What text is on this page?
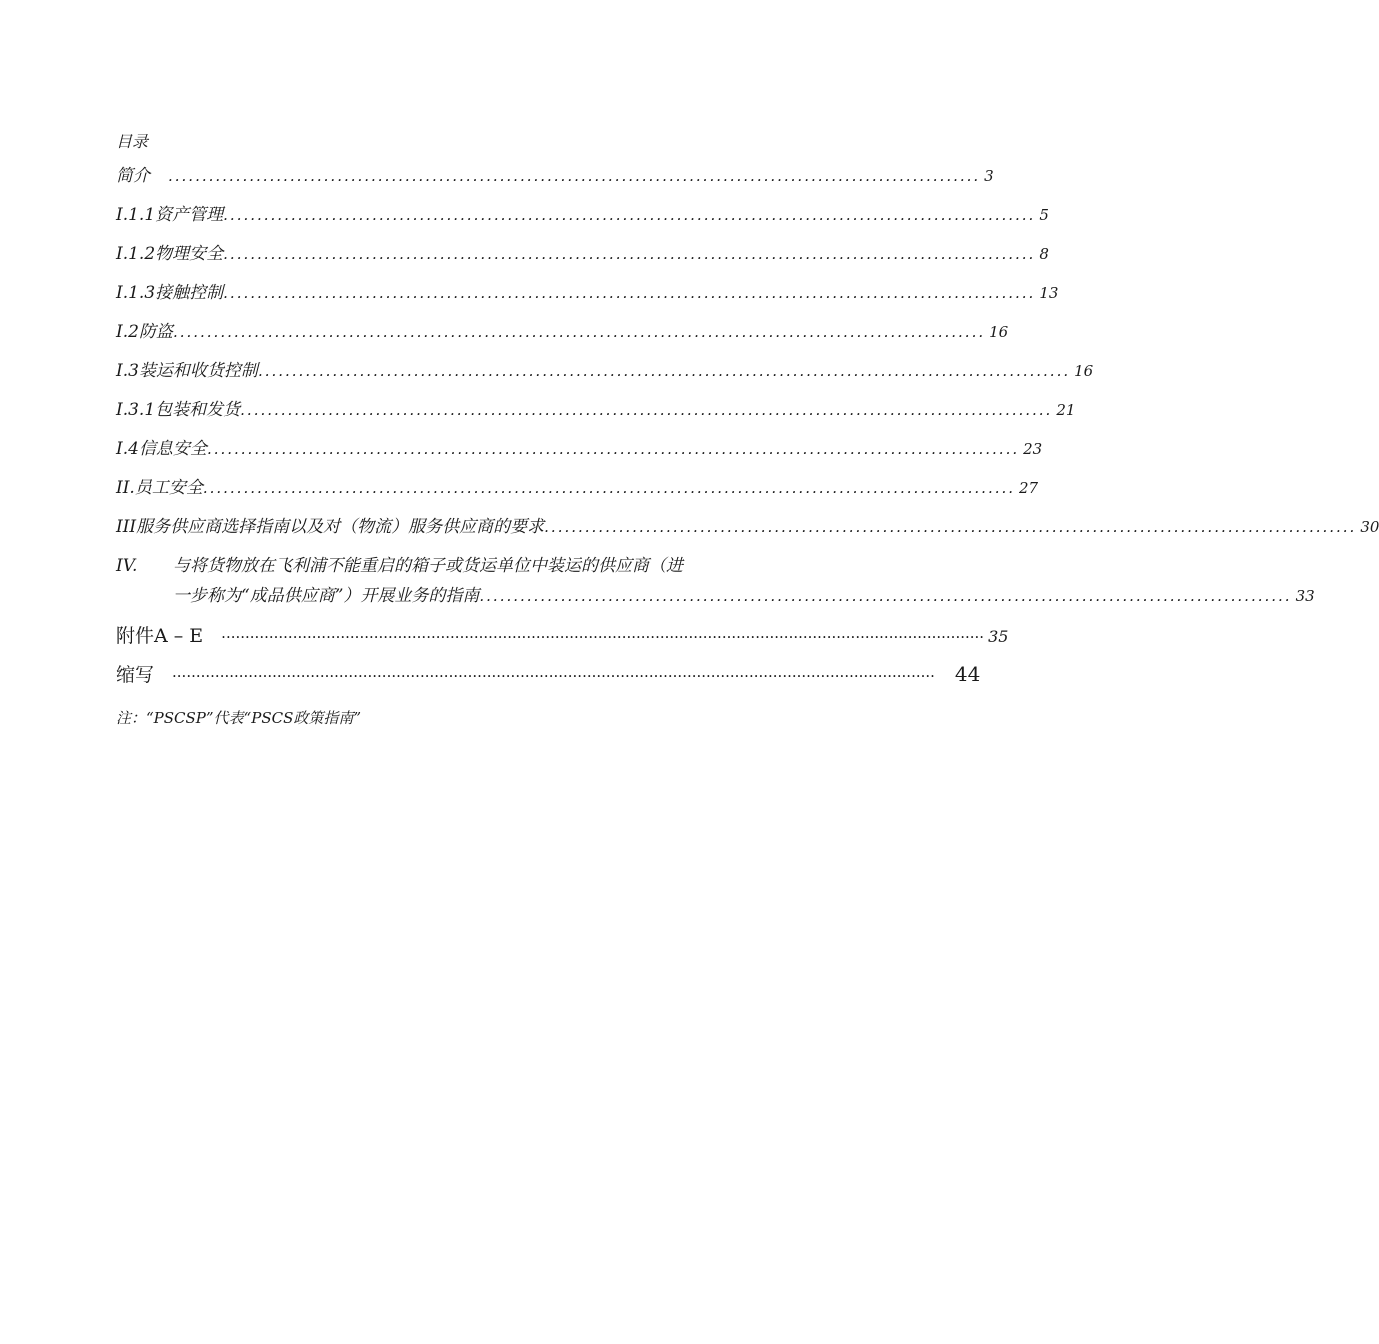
目录
简介 ........................................................................................................................ 3
I.1.1资产管理 ........................................................................................................................ 5
I.1.2物理安全 ........................................................................................................................ 8
I.1.3接触控制 ........................................................................................................................ 13
I.2 防盗 ........................................................................................................................ 16
I.3 装运和收货控制 ........................................................................................................................ 16
I.3.1包装和发货 ........................................................................................................................ 21
I.4 信息安全 ........................................................................................................................ 23
II. 员工安全 ........................................................................................................................ 27
III 服务供应商选择指南以及对（物流）服务供应商的要求 ........................................................................................................................ 30
IV.	与将货物放在飞利浦不能重启的箱子或货运单位中装运的供应商（进
一步称为“成品供应商”）开展业务的指南 ........................................................................................................................ 33
附件A – E ································································································································································ 35
缩写 ································································································································································	44
注：“PSCSP”代表“PSCS政策指南”
